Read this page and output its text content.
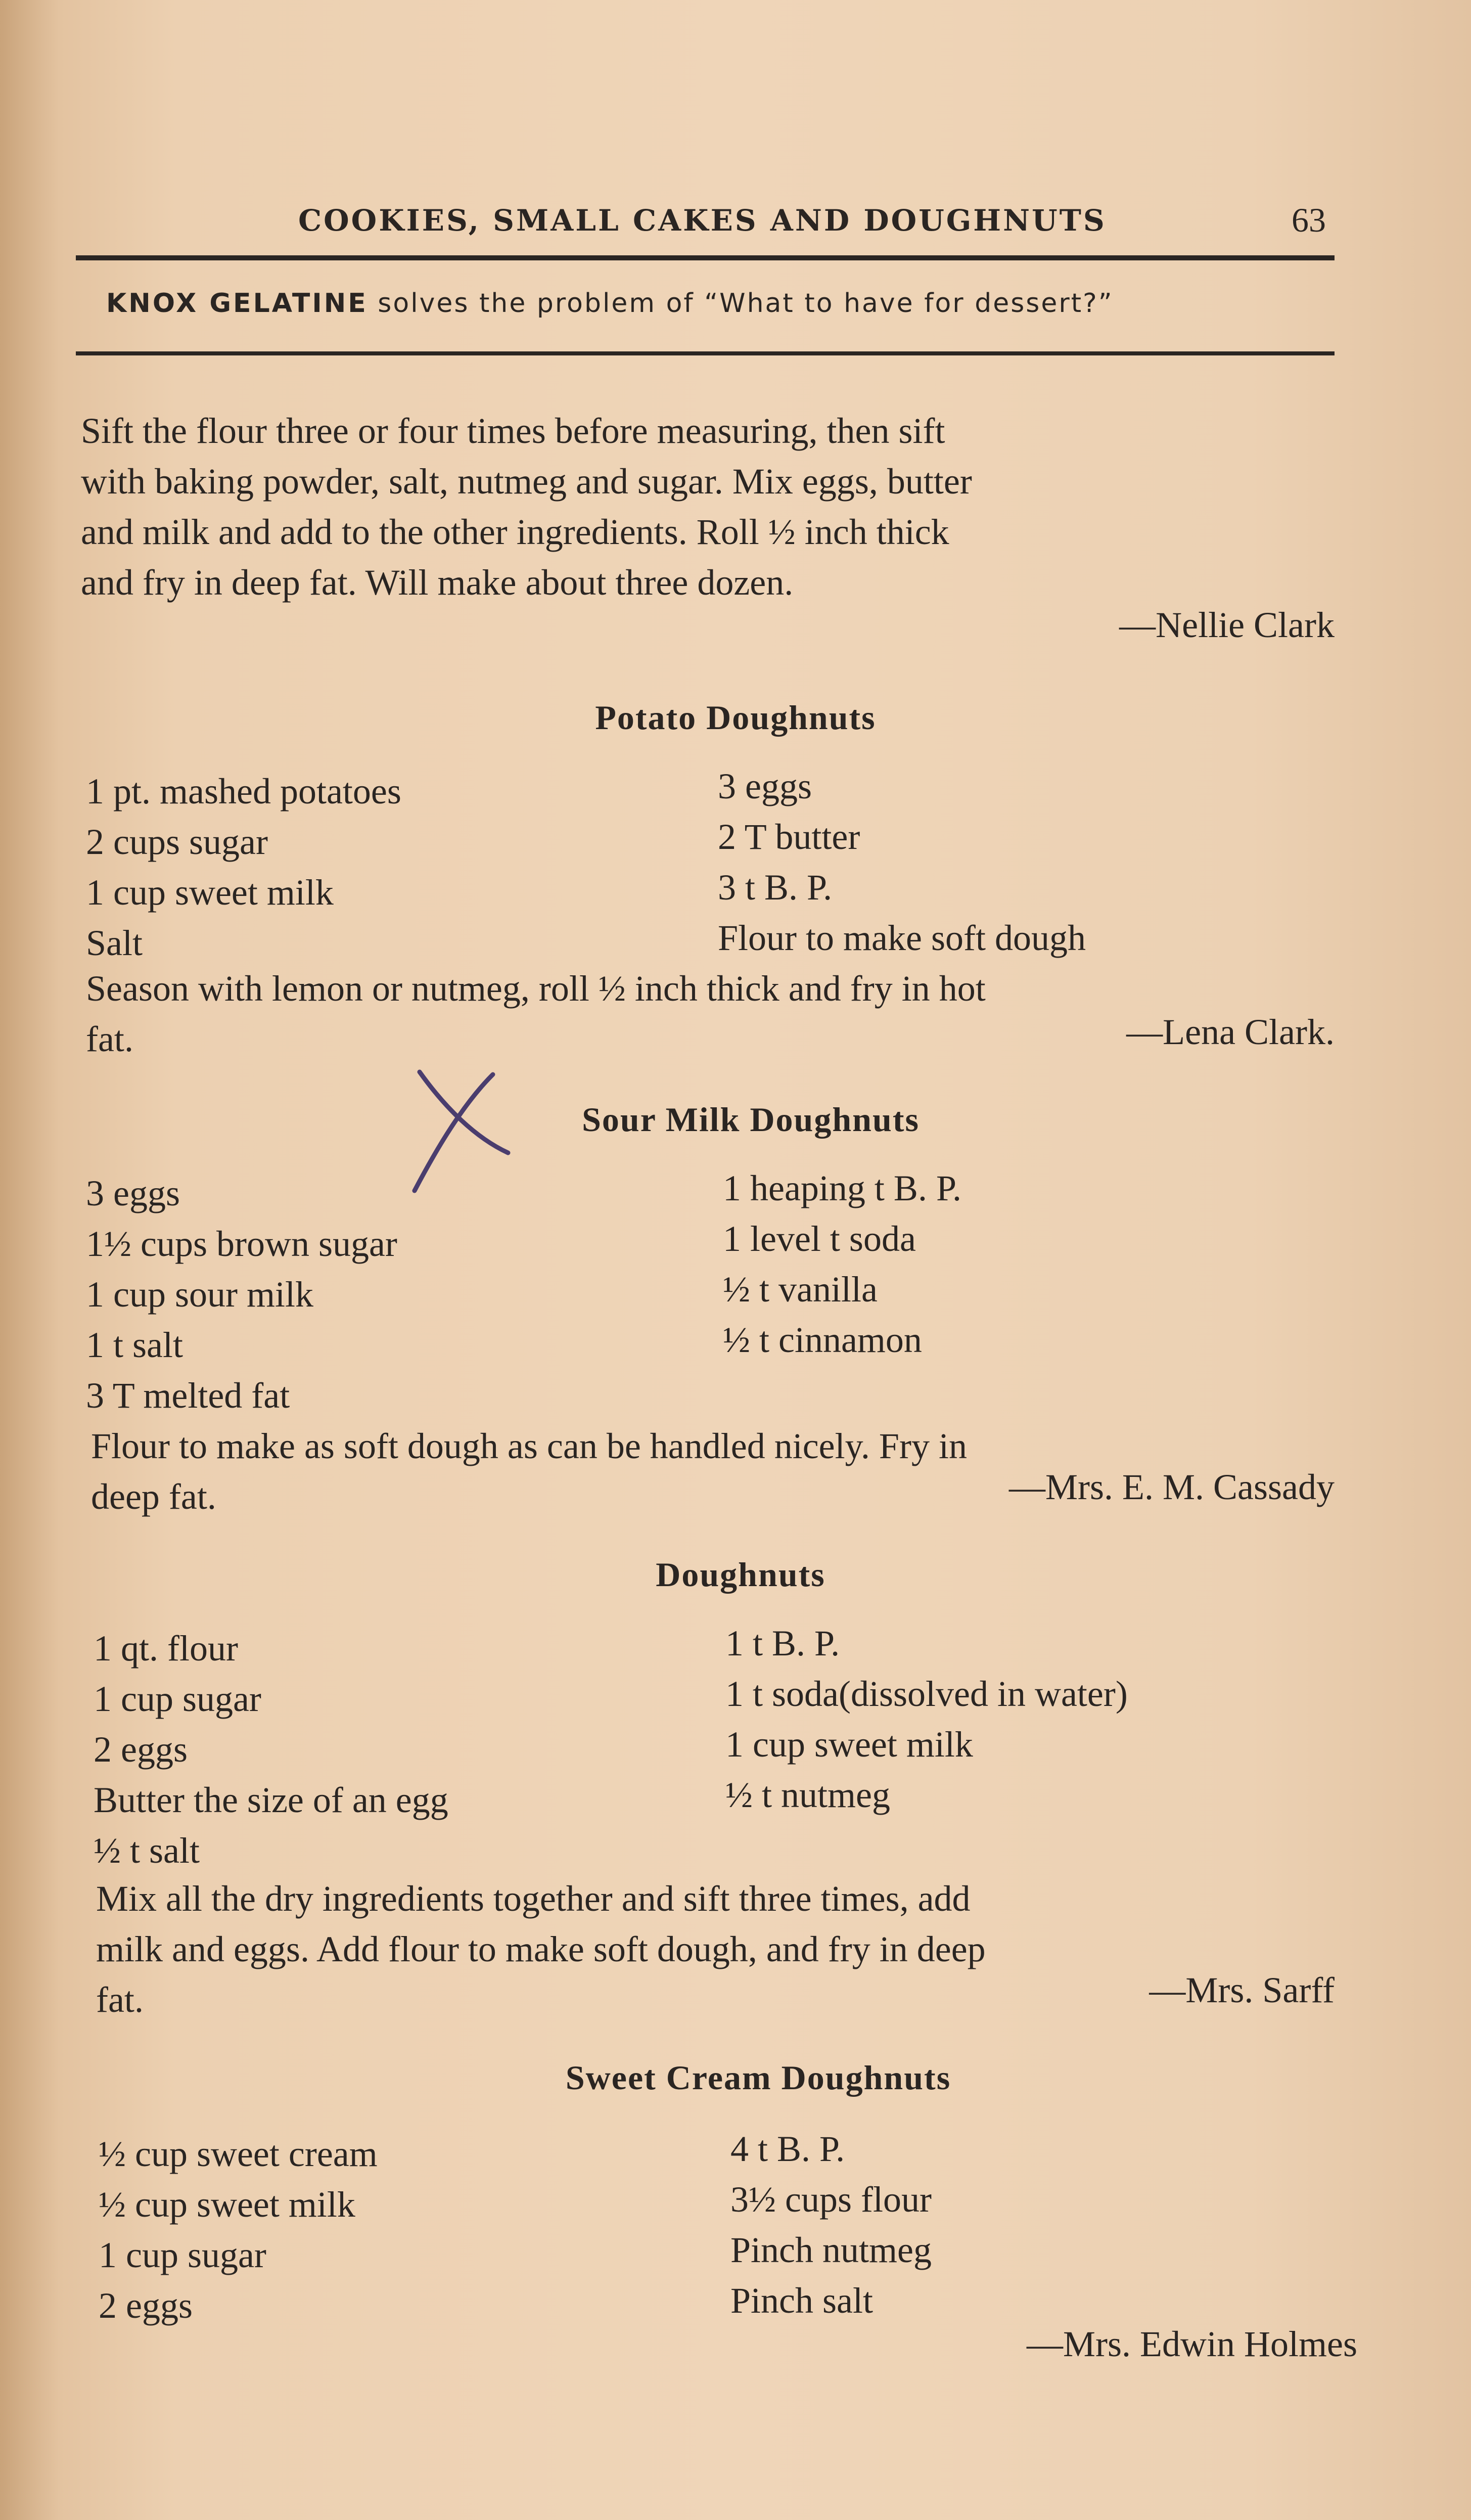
COOKIES, SMALL CAKES AND DOUGHNUTS	63
KNOX GELATINE solves the problem of “What to have for dessert?”

Sift the flour three or four times before measuring, then sift
with baking powder, salt, nutmeg and sugar. Mix eggs, butter
and milk and add to the other ingredients. Roll ½ inch thick
and fry in deep fat. Will make about three dozen.

—Nellie Clark
Potato Doughnuts
1 pt. mashed potatoes
2 cups sugar
1 cup sweet milk
Salt
3 eggs
2 T butter
3 t B. P.
Flour to make soft dough

Season with lemon or nutmeg, roll ½ inch thick and fry in hot
fat.	—Lena Clark.
Sour Milk Doughnuts
3 eggs
1½ cups brown sugar
1 cup sour milk
1 t salt
3 T melted fat
1 heaping t B. P.
1 level t soda
½ t vanilla
½ t cinnamon

Flour to make as soft dough as can be handled nicely. Fry in
deep fat.	—Mrs. E. M. Cassady
Doughnuts
1 qt. flour
1 cup sugar
2 eggs
Butter the size of an egg
½ t salt
1 t B. P.
1 t soda(dissolved in water)
1 cup sweet milk
½ t nutmeg

Mix all the dry ingredients together and sift three times, add
milk and eggs. Add flour to make soft dough, and fry in deep
fat.	—Mrs. Sarff
Sweet Cream Doughnuts
½ cup sweet cream
½ cup sweet milk
1 cup sugar
2 eggs
4 t B. P.
3½ cups flour
Pinch nutmeg
Pinch salt
—Mrs. Edwin Holmes
